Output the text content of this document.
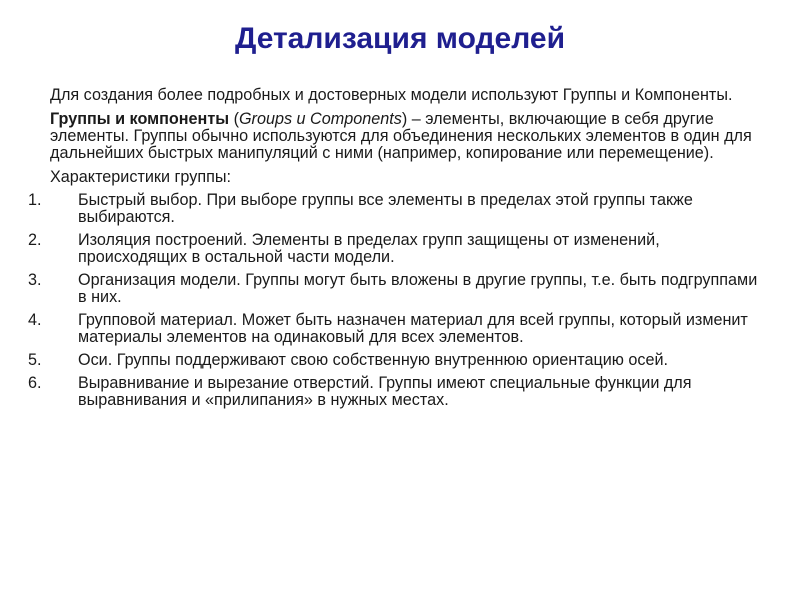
Детализация моделей

Для создания более подробных и достоверных модели используют Группы и Компоненты.

Группы и компоненты (Groups и Components) – элементы, включающие в себя другие элементы. Группы обычно используются для объединения нескольких элементов в один для дальнейших быстрых манипуляций с ними (например, копирование или перемещение).

Характеристики группы:

1.	Быстрый выбор. При выборе группы все элементы в пределах этой группы также выбираются.
2.	Изоляция построений. Элементы в пределах групп защищены от изменений, происходящих в остальной части модели.
3.	Организация модели. Группы могут быть вложены в другие группы, т.е. быть подгруппами в них.
4.	Групповой материал. Может быть назначен материал для всей группы, который изменит материалы элементов на одинаковый для всех элементов.
5.	Оси. Группы поддерживают свою собственную внутреннюю ориентацию осей.
6.	Выравнивание и вырезание отверстий. Группы имеют специальные функции для выравнивания и «прилипания» в нужных местах.
